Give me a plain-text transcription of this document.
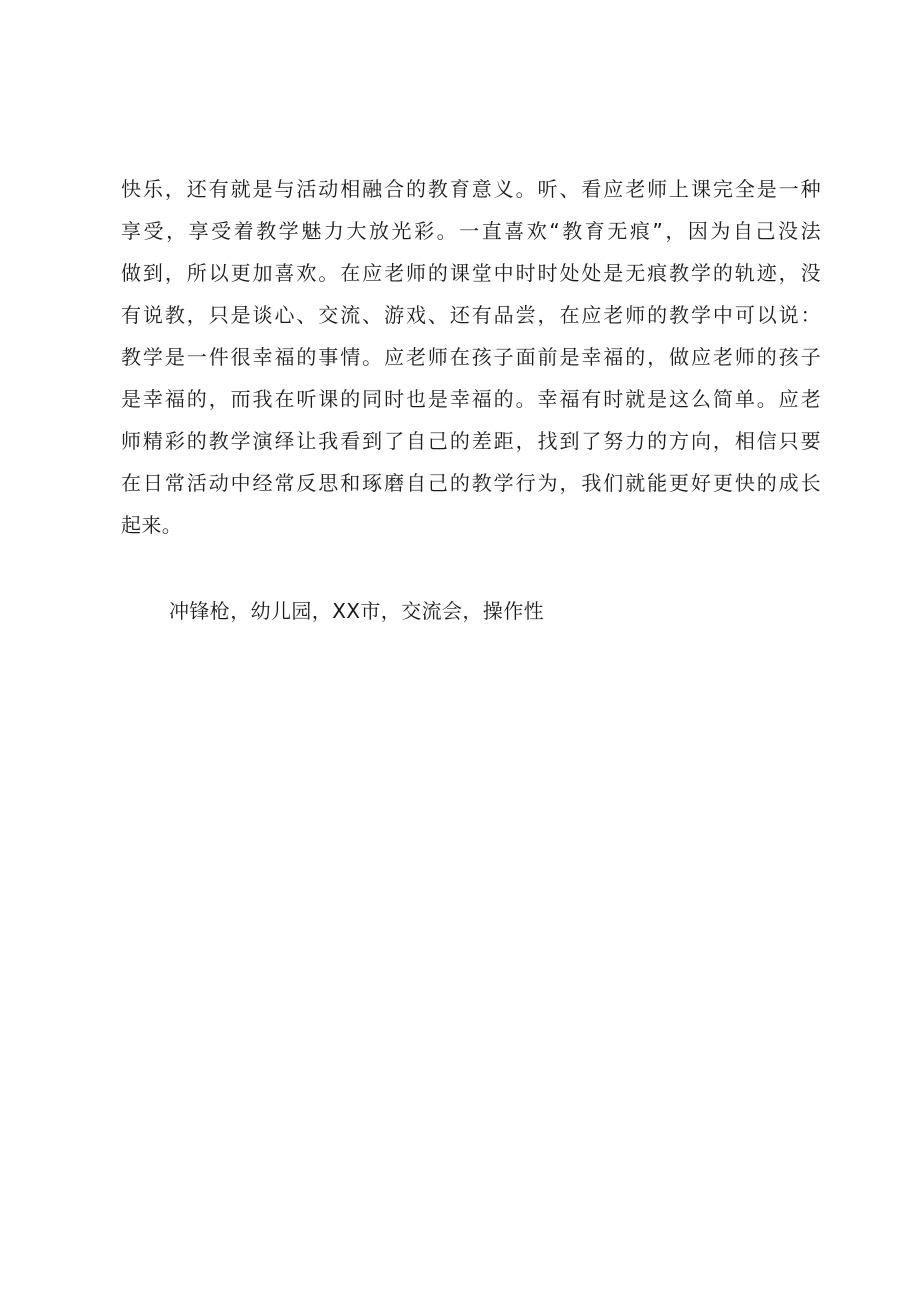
快乐，还有就是与活动相融合的教育意义。听、看应老师上课完全是一种
享受，享受着教学魅力大放光彩。一直喜欢“教育无痕”，因为自己没法
做到，所以更加喜欢。在应老师的课堂中时时处处是无痕教学的轨迹，没
有说教，只是谈心、交流、游戏、还有品尝，在应老师的教学中可以说：
教学是一件很幸福的事情。应老师在孩子面前是幸福的，做应老师的孩子
是幸福的，而我在听课的同时也是幸福的。幸福有时就是这么简单。应老
师精彩的教学演绎让我看到了自己的差距，找到了努力的方向，相信只要
在日常活动中经常反思和琢磨自己的教学行为，我们就能更好更快的成长
起来。
冲锋枪，幼儿园，XX市，交流会，操作性
